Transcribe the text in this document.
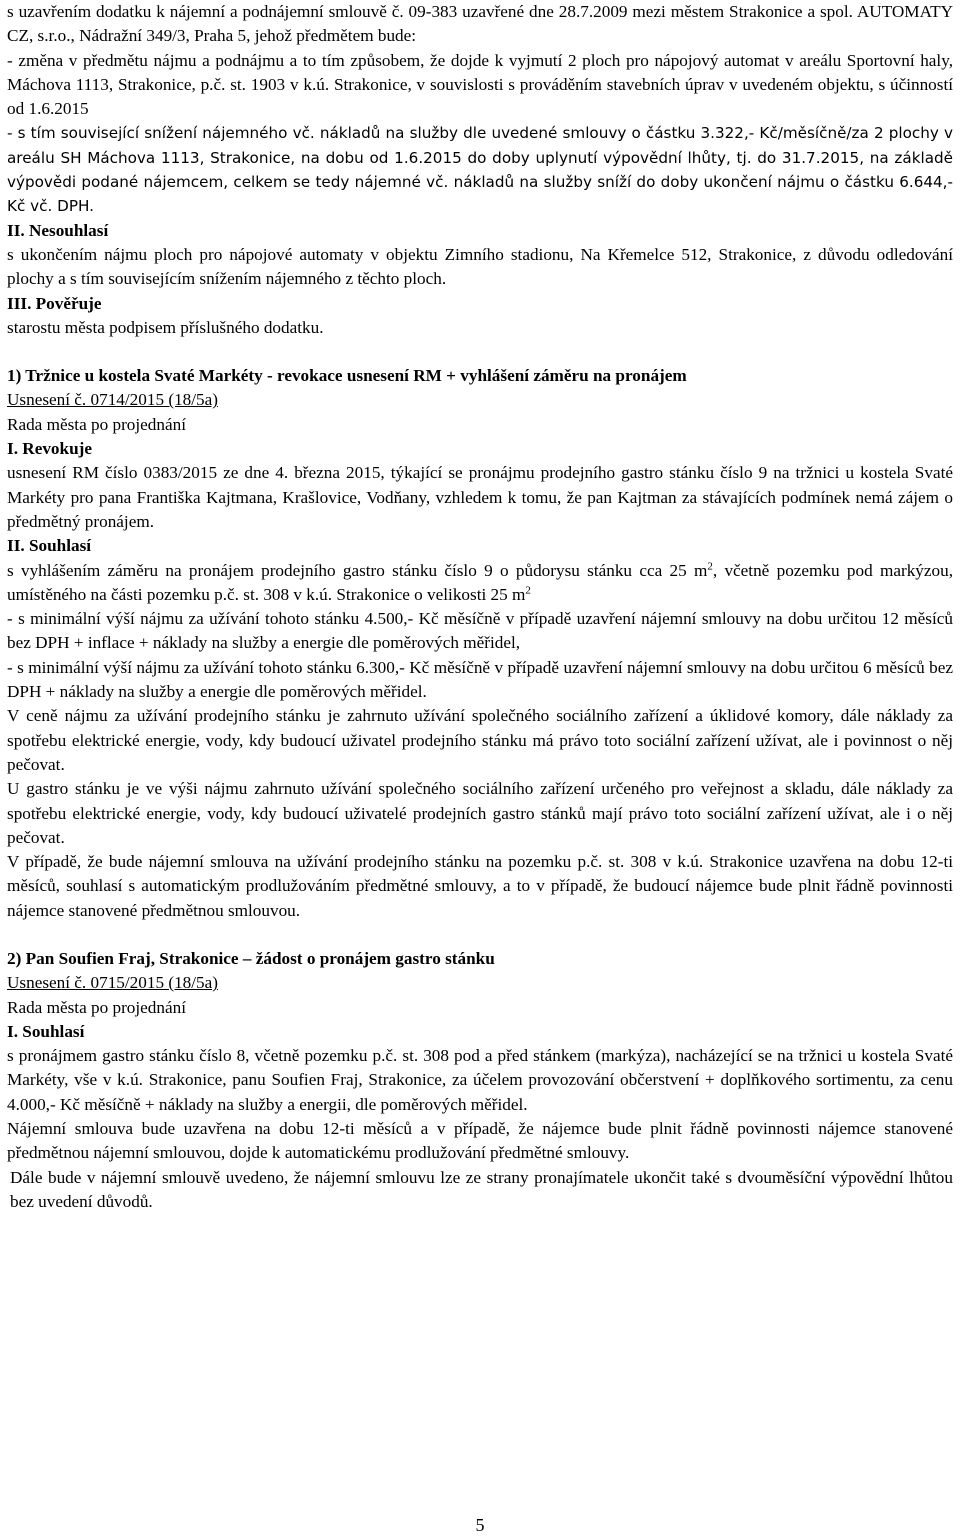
s uzavřením dodatku k nájemní a podnájemní smlouvě č. 09-383 uzavřené dne 28.7.2009 mezi městem Strakonice a spol. AUTOMATY CZ, s.r.o., Nádražní 349/3, Praha 5, jehož předmětem bude:

- změna v předmětu nájmu a podnájmu a to tím způsobem, že dojde k vyjmutí 2 ploch pro nápojový automat v areálu Sportovní haly, Máchova 1113, Strakonice, p.č. st. 1903 v k.ú. Strakonice, v souvislosti s prováděním stavebních úprav v uvedeném objektu, s účinností od 1.6.2015

- s tím související snížení nájemného vč. nákladů na služby dle uvedené smlouvy o částku 3.322,- Kč/měsíčně/za 2 plochy v areálu SH Máchova 1113, Strakonice, na dobu od 1.6.2015 do doby uplynutí výpovědní lhůty, tj. do 31.7.2015, na základě výpovědi podané nájemcem, celkem se tedy nájemné vč. nákladů na služby sníží do doby ukončení nájmu o částku 6.644,- Kč vč. DPH.

II. Nesouhlasí

s ukončením nájmu ploch pro nápojové automaty v objektu Zimního stadionu, Na Křemelce 512, Strakonice, z důvodu odledování plochy a s tím souvisejícím snížením nájemného z těchto ploch.

III. Pověřuje

starostu města podpisem příslušného dodatku.

1) Tržnice u kostela Svaté Markéty - revokace usnesení RM + vyhlášení záměru na pronájem

Usnesení č. 0714/2015 (18/5a)

Rada města po projednání

I. Revokuje

usnesení RM číslo 0383/2015 ze dne 4. března 2015, týkající se pronájmu prodejního gastro stánku číslo 9 na tržnici u kostela Svaté Markéty pro pana Františka Kajtmana, Krašlovice, Vodňany, vzhledem k tomu, že pan Kajtman za stávajících podmínek nemá zájem o předmětný pronájem.

II. Souhlasí

s vyhlášením záměru na pronájem prodejního gastro stánku číslo 9 o půdorysu stánku cca 25 $m^2$, včetně pozemku pod markýzou, umístěného na části pozemku p.č. st. 308 v k.ú. Strakonice o velikosti 25 $m^2$

- s minimální výší nájmu za užívání tohoto stánku 4.500,- Kč měsíčně v případě uzavření nájemní smlouvy na dobu určitou 12 měsíců bez DPH + inflace + náklady na služby a energie dle poměrových měřidel,

- s minimální výší nájmu za užívání tohoto stánku 6.300,- Kč měsíčně v případě uzavření nájemní smlouvy na dobu určitou 6 měsíců bez DPH + náklady na služby a energie dle poměrových měřidel.

V ceně nájmu za užívání prodejního stánku je zahrnuto užívání společného sociálního zařízení a úklidové komory, dále náklady za spotřebu elektrické energie, vody, kdy budoucí uživatel prodejního stánku má právo toto sociální zařízení užívat, ale i povinnost o něj pečovat.

U gastro stánku je ve výši nájmu zahrnuto užívání společného sociálního zařízení určeného pro veřejnost a skladu, dále náklady za spotřebu elektrické energie, vody, kdy budoucí uživatelé prodejních gastro stánků mají právo toto sociální zařízení užívat, ale i o něj pečovat.

V případě, že bude nájemní smlouva na užívání prodejního stánku na pozemku p.č. st. 308 v k.ú. Strakonice uzavřena na dobu 12-ti měsíců, souhlasí s automatickým prodlužováním předmětné smlouvy, a to v případě, že budoucí nájemce bude plnit řádně povinnosti nájemce stanovené předmětnou smlouvou.

2) Pan Soufien Fraj, Strakonice – žádost o pronájem gastro stánku

Usnesení č. 0715/2015 (18/5a)

Rada města po projednání

I. Souhlasí

s pronájmem gastro stánku číslo 8, včetně pozemku p.č. st. 308 pod a před stánkem (markýza), nacházející se na tržnici u kostela Svaté Markéty, vše v k.ú. Strakonice, panu Soufien Fraj, Strakonice, za účelem provozování občerstvení + doplňkového sortimentu, za cenu 4.000,- Kč měsíčně + náklady na služby a energii, dle poměrových měřidel.

Nájemní smlouva bude uzavřena na dobu 12-ti měsíců a v případě, že nájemce bude plnit řádně povinnosti nájemce stanovené předmětnou nájemní smlouvou, dojde k automatickému prodlužování předmětné smlouvy.

Dále bude v nájemní smlouvě uvedeno, že nájemní smlouvu lze ze strany pronajímatele ukončit také s dvouměsíční výpovědní lhůtou bez uvedení důvodů.

5
